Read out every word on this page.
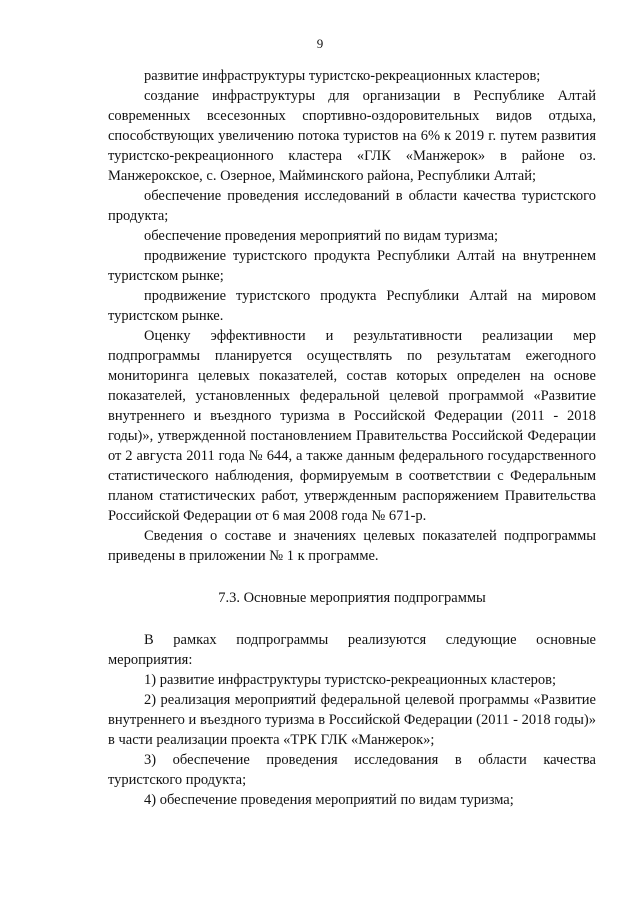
9

развитие инфраструктуры туристско-рекреационных кластеров;

создание инфраструктуры для организации в Республике Алтай современных всесезонных спортивно-оздоровительных видов отдыха, способствующих увеличению потока туристов на 6% к 2019 г. путем развития туристско-рекреационного кластера «ГЛК «Манжерок» в районе оз. Манжерокское, с. Озерное, Майминского района, Республики Алтай;

обеспечение проведения исследований в области качества туристского продукта;

обеспечение проведения мероприятий по видам туризма;

продвижение туристского продукта Республики Алтай на внутреннем туристском рынке;

продвижение туристского продукта Республики Алтай на мировом туристском рынке.

Оценку эффективности и результативности реализации мер подпрограммы планируется осуществлять по результатам ежегодного мониторинга целевых показателей, состав которых определен на основе показателей, установленных федеральной целевой программой «Развитие внутреннего и въездного туризма в Российской Федерации (2011 - 2018 годы)», утвержденной постановлением Правительства Российской Федерации от 2 августа 2011 года № 644, а также данным федерального государственного статистического наблюдения, формируемым в соответствии с Федеральным планом статистических работ, утвержденным распоряжением Правительства Российской Федерации от 6 мая 2008 года № 671-р.

Сведения о составе и значениях целевых показателей подпрограммы приведены в приложении № 1 к программе.

7.3. Основные мероприятия подпрограммы

В рамках подпрограммы реализуются следующие основные мероприятия:

1) развитие инфраструктуры туристско-рекреационных кластеров;

2) реализация мероприятий федеральной целевой программы «Развитие внутреннего и въездного туризма в Российской Федерации (2011 - 2018 годы)» в части реализации проекта «ТРК ГЛК «Манжерок»;

3) обеспечение проведения исследования в области качества туристского продукта;

4) обеспечение проведения мероприятий по видам туризма;
